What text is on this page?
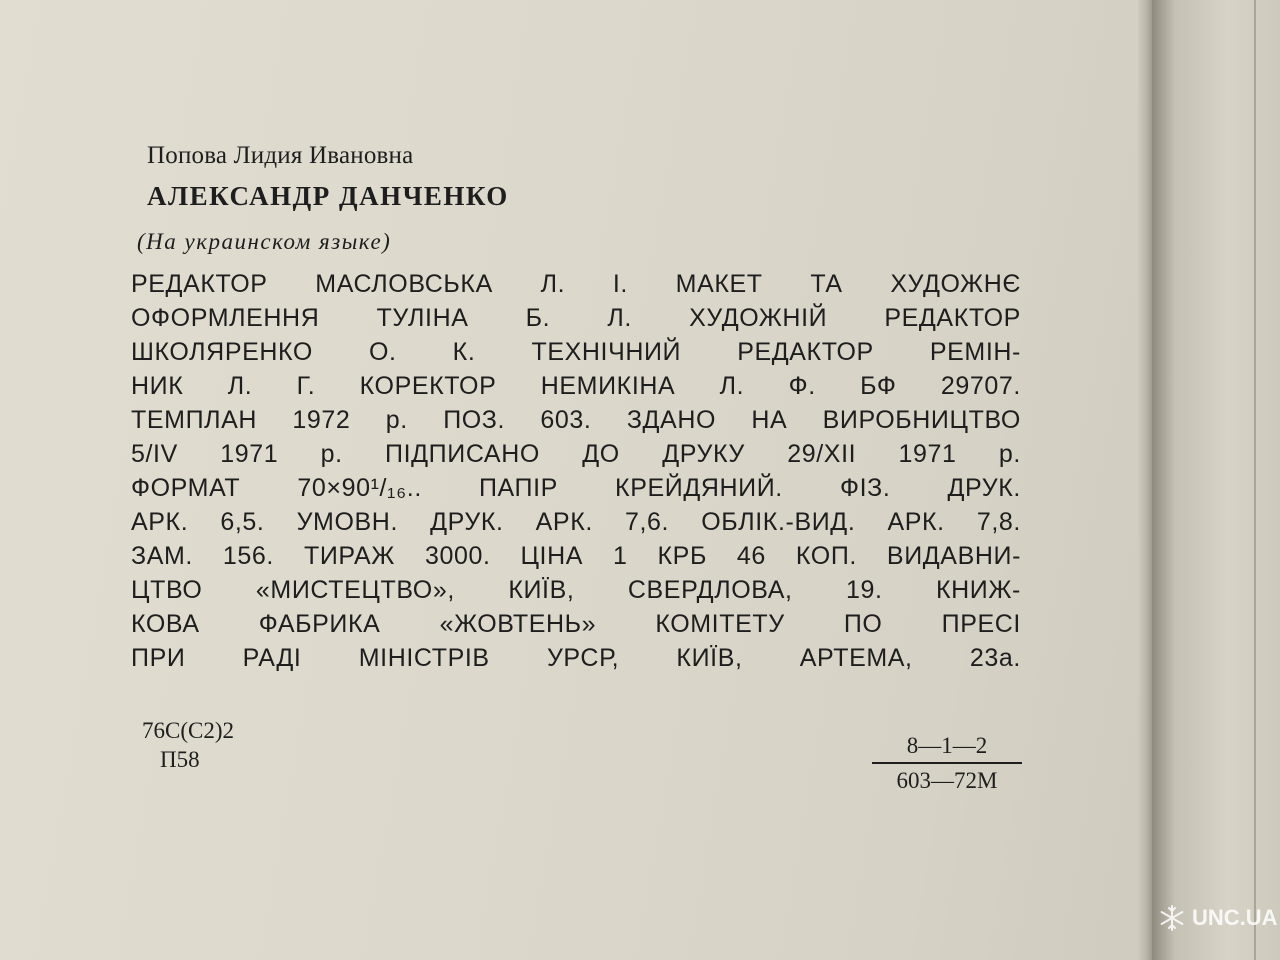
Попова Лидия Ивановна
АЛЕКСАНДР ДАНЧЕНКО
(На украинском языке)
РЕДАКТОР МАСЛОВСЬКА Л. І. МАКЕТ ТА ХУДОЖНЄ
ОФОРМЛЕННЯ ТУЛІНА Б. Л. ХУДОЖНІЙ РЕДАКТОР
ШКОЛЯРЕНКО О. К. ТЕХНІЧНИЙ РЕДАКТОР РЕМІН-
НИК Л. Г. КОРЕКТОР НЕМИКІНА Л. Ф. БФ 29707.
ТЕМПЛАН 1972 р. ПОЗ. 603. ЗДАНО НА ВИРОБНИЦТВО
5/IV 1971 р. ПІДПИСАНО ДО ДРУКУ 29/XII 1971 р.
ФОРМАТ 70×90¹/₁₆.. ПАПІР КРЕЙДЯНИЙ. ФІЗ. ДРУК.
АРК. 6,5. УМОВН. ДРУК. АРК. 7,6. ОБЛІК.-ВИД. АРК. 7,8.
ЗАМ. 156. ТИРАЖ 3000. ЦІНА 1 КРБ 46 КОП. ВИДАВНИ-
ЦТВО «МИСТЕЦТВО», КИЇВ, СВЕРДЛОВА, 19. КНИЖ-
КОВА ФАБРИКА «ЖОВТЕНЬ» КОМІТЕТУ ПО ПРЕСІ
ПРИ РАДІ МІНІСТРІВ УРСР, КИЇВ, АРТЕМА, 23а.
76С(С2)2
П58
8—1—2
603—72М
UNC.UA
